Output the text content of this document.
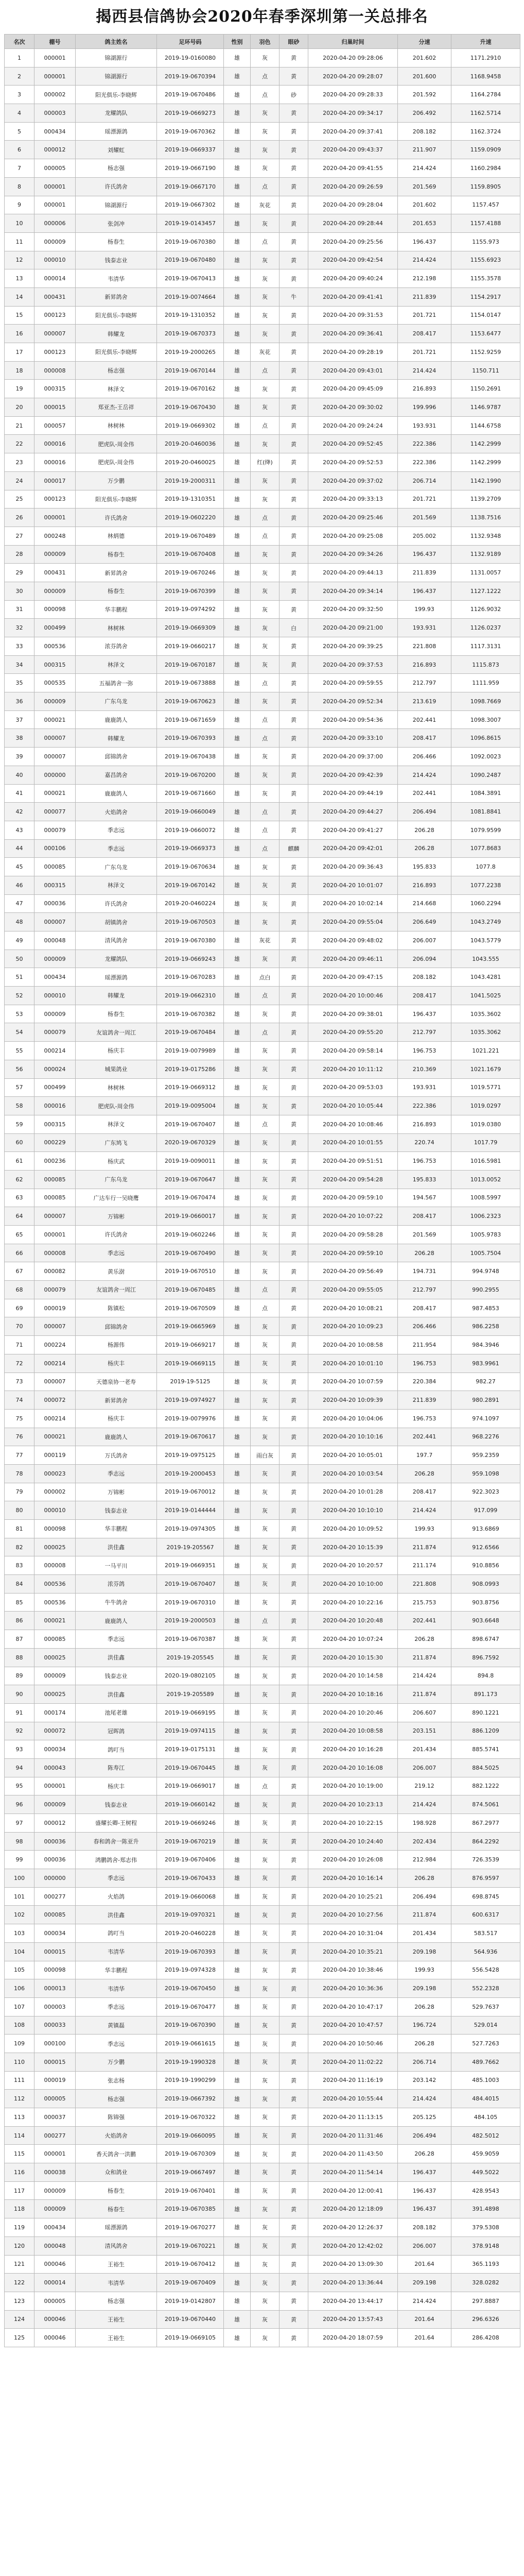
揭西县信鸽协会2020年春季深圳第一关总排名
名次	棚号	鸽主姓名	足环号码	性别	羽色	眼砂	归巢时间	分速	升速
1	000001	锦湖源行	2019-19-0160080	雄	灰	黄	2020-04-20 09:28:06	201.602	1171.2910
2	000001	锦湖源行	2019-19-0670394	雄	点	黄	2020-04-20 09:28:07	201.600	1168.9458
3	000002	阳光俱乐-李晓辉	2019-19-0670486	雄	点	砂	2020-04-20 09:28:33	201.592	1164.2784
4	000003	龙耀鸽队	2019-19-0669273	雄	灰	黄	2020-04-20 09:34:17	206.492	1162.5714
5	000434	瑶漂源鸽	2019-19-0670362	雄	灰	黄	2020-04-20 09:37:41	208.182	1162.3724
6	000012	刘耀虹	2019-19-0669337	雄	灰	黄	2020-04-20 09:43:37	211.907	1159.0909
7	000005	杨志强	2019-19-0667190	雄	灰	黄	2020-04-20 09:41:55	214.424	1160.2984
8	000001	许氏鸽舍	2019-19-0667170	雄	点	黄	2020-04-20 09:26:59	201.569	1159.8905
9	000001	锦湖源行	2019-19-0667302	雄	灰花	黄	2020-04-20 09:28:04	201.602	1157.457
10	000006	张剑冲	2019-19-0143457	雄	灰	黄	2020-04-20 09:28:44	201.653	1157.4188
11	000009	杨春生	2019-19-0670380	雄	点	黄	2020-04-20 09:25:56	196.437	1155.973
12	000010	钱泰志业	2019-19-0670480	雄	灰	黄	2020-04-20 09:42:54	214.424	1155.6923
13	000014	韦清华	2019-19-0670413	雄	灰	黄	2020-04-20 09:40:24	212.198	1155.3578
14	000431	新昇鸽舍	2019-19-0074664	雄	灰	牛	2020-04-20 09:41:41	211.839	1154.2917
15	000123	阳光俱乐-李晓辉	2019-19-1310352	雄	灰	黄	2020-04-20 09:31:53	201.721	1154.0147
16	000007	韩耀龙	2019-19-0670373	雄	灰	黄	2020-04-20 09:36:41	208.417	1153.6477
17	000123	阳光俱乐-李晓辉	2019-19-2000265	雄	灰花	黄	2020-04-20 09:28:19	201.721	1152.9259
18	000008	杨志强	2019-19-0670144	雄	点	黄	2020-04-20 09:43:01	214.424	1150.711
19	000315	林泽文	2019-19-0670162	雄	灰	黄	2020-04-20 09:45:09	216.893	1150.2691
20	000015	郑亚杰-王岳祥	2019-19-0670430	雄	灰	黄	2020-04-20 09:30:02	199.996	1146.9787
21	000057	林树林	2019-19-0669302	雄	点	黄	2020-04-20 09:24:24	193.931	1144.6758
22	000016	肥虎队-周金伟	2019-20-0460036	雄	灰	黄	2020-04-20 09:52:45	222.386	1142.2999
23	000016	肥虎队-周金伟	2019-20-0460025	雄	红(绛)	黄	2020-04-20 09:52:53	222.386	1142.2999
24	000017	万少鹏	2019-19-2000311	雄	灰	黄	2020-04-20 09:37:02	206.714	1142.1990
25	000123	阳光俱乐-李晓辉	2019-19-1310351	雄	灰	黄	2020-04-20 09:33:13	201.721	1139.2709
26	000001	许氏鸽舍	2019-19-0602220	雄	点	黄	2020-04-20 09:25:46	201.569	1138.7516
27	000248	林炳德	2019-19-0670489	雄	点	黄	2020-04-20 09:25:08	205.002	1132.9348
28	000009	杨春生	2019-19-0670408	雄	灰	黄	2020-04-20 09:34:26	196.437	1132.9189
29	000431	新昇鸽舍	2019-19-0670246	雄	灰	黄	2020-04-20 09:44:13	211.839	1131.0057
30	000009	杨春生	2019-19-0670399	雄	灰	黄	2020-04-20 09:34:14	196.437	1127.1222
31	000098	华丰鹏程	2019-19-0974292	雄	灰	黄	2020-04-20 09:32:50	199.93	1126.9032
32	000499	林树林	2019-19-0669309	雄	灰	白	2020-04-20 09:21:00	193.931	1126.0237
33	000536	浓芬鸽舍	2019-19-0660217	雄	灰	黄	2020-04-20 09:39:25	221.808	1117.3131
34	000315	林泽文	2019-19-0670187	雄	灰	黄	2020-04-20 09:37:53	216.893	1115.873
35	000535	五福鸽舍一弥	2019-19-0673888	雄	点	黄	2020-04-20 09:59:55	212.797	1111.959
36	000009	广东乌龙	2019-19-0670623	雄	灰	黄	2020-04-20 09:52:34	213.619	1098.7669
37	000021	鹿鹿鸽人	2019-19-0671659	雄	点	黄	2020-04-20 09:54:36	202.441	1098.3007
38	000007	韩耀龙	2019-19-0670393	雄	点	黄	2020-04-20 09:33:10	208.417	1096.8615
39	000007	邱锦鸽舍	2019-19-0670438	雄	灰	黄	2020-04-20 09:37:00	206.466	1092.0023
40	000000	嘉昌鸽舍	2019-19-0670200	雄	灰	黄	2020-04-20 09:42:39	214.424	1090.2487
41	000021	鹿鹿鸽人	2019-19-0671660	雄	灰	黄	2020-04-20 09:44:19	202.441	1084.3891
42	000077	火焰鸽舍	2019-19-0660049	雄	点	黄	2020-04-20 09:44:27	206.494	1081.8841
43	000079	季志远	2019-19-0660072	雄	点	黄	2020-04-20 09:41:27	206.28	1079.9599
44	000106	季志远	2019-19-0669373	雄	点	麒麟	2020-04-20 09:42:01	206.28	1077.8683
45	000085	广东乌龙	2019-19-0670634	雄	灰	黄	2020-04-20 09:36:43	195.833	1077.8
46	000315	林泽文	2019-19-0670142	雄	灰	黄	2020-04-20 10:01:07	216.893	1077.2238
47	000036	许氏鸽舍	2019-20-0460224	雄	灰	黄	2020-04-20 10:02:14	214.668	1060.2294
48	000007	胡镇鸽舍	2019-19-0670503	雄	灰	黄	2020-04-20 09:55:04	206.649	1043.2749
49	000048	清风鸽舍	2019-19-0670380	雄	灰花	黄	2020-04-20 09:48:02	206.007	1043.5779
50	000009	龙耀鸽队	2019-19-0669243	雄	灰	黄	2020-04-20 09:46:11	206.094	1043.555
51	000434	瑶漂源鸽	2019-19-0670283	雄	点白	黄	2020-04-20 09:47:15	208.182	1043.4281
52	000010	韩耀龙	2019-19-0662310	雄	点	黄	2020-04-20 10:00:46	208.417	1041.5025
53	000009	杨春生	2019-19-0670382	雄	灰	黄	2020-04-20 09:38:01	196.437	1035.3602
54	000079	友谊鸽舍一周江	2019-19-0670484	雄	点	黄	2020-04-20 09:55:20	212.797	1035.3062
55	000214	杨庆丰	2019-19-0079989	雄	灰	黄	2020-04-20 09:58:14	196.753	1021.221
56	000024	城果鸽业	2019-19-0175286	雄	灰	黄	2020-04-20 10:11:12	210.369	1021.1679
57	000499	林树林	2019-19-0669312	雄	灰	黄	2020-04-20 09:53:03	193.931	1019.5771
58	000016	肥虎队-周金伟	2019-19-0095004	雄	灰	黄	2020-04-20 10:05:44	222.386	1019.0297
59	000315	林泽文	2019-19-0670407	雄	点	黄	2020-04-20 10:08:46	216.893	1019.0380
60	000229	广东鸠飞	2020-19-0670329	雄	灰	黄	2020-04-20 10:01:55	220.74	1017.79
61	000236	杨庆武	2019-19-0090011	雄	灰	黄	2020-04-20 09:51:51	196.753	1016.5981
62	000085	广东乌龙	2019-19-0670647	雄	灰	黄	2020-04-20 09:54:28	195.833	1013.0052
63	000085	广达车行一吴晓鹰	2019-19-0670474	雄	灰	黄	2020-04-20 09:59:10	194.567	1008.5997
64	000007	万锦彬	2019-19-0660017	雄	灰	黄	2020-04-20 10:07:22	208.417	1006.2323
65	000001	许氏鸽舍	2019-19-0602246	雄	灰	黄	2020-04-20 09:58:28	201.569	1005.9783
66	000008	季志远	2019-19-0670490	雄	灰	黄	2020-04-20 09:59:10	206.28	1005.7504
67	000082	黄乐澍	2019-19-0670510	雄	灰	黄	2020-04-20 09:56:49	194.731	994.9748
68	000079	友谊鸽舍一周江	2019-19-0670485	雄	点	黄	2020-04-20 09:55:05	212.797	990.2955
69	000019	陈镇松	2019-19-0670509	雄	点	黄	2020-04-20 10:08:21	208.417	987.4853
70	000007	邱锦鸽舍	2019-19-0665969	雄	灰	黄	2020-04-20 10:09:23	206.466	986.2258
71	000224	杨源伟	2019-19-0669217	雄	灰	黄	2020-04-20 10:08:58	211.954	984.3946
72	000214	杨庆丰	2019-19-0669115	雄	灰	黄	2020-04-20 10:01:10	196.753	983.9961
73	000007	天德泉协一老寿	2019-19-5125	雄	灰	黄	2020-04-20 10:07:59	220.384	982.27
74	000072	新昇鸽舍	2019-19-0974927	雄	灰	黄	2020-04-20 10:09:39	211.839	980.2891
75	000214	杨庆丰	2019-19-0079976	雄	灰	黄	2020-04-20 10:04:06	196.753	974.1097
76	000021	鹿鹿鸽人	2019-19-0670617	雄	灰	黄	2020-04-20 10:10:16	202.441	968.2276
77	000119	万氏鸽舍	2019-19-0975125	雄	雨白灰	黄	2020-04-20 10:05:01	197.7	959.2359
78	000023	季志远	2019-19-2000453	雄	灰	黄	2020-04-20 10:03:54	206.28	959.1098
79	000002	万锦彬	2019-19-0670012	雄	灰	黄	2020-04-20 10:01:28	208.417	922.3023
80	000010	钱泰志业	2019-19-0144444	雄	灰	黄	2020-04-20 10:10:10	214.424	917.099
81	000098	华丰鹏程	2019-19-0974305	雄	灰	黄	2020-04-20 10:09:52	199.93	913.6869
82	000025	洪佳鑫	2019-19-205567	雄	灰	黄	2020-04-20 10:15:39	211.874	912.6566
83	000008	一马平川	2019-19-0669351	雄	灰	黄	2020-04-20 10:20:57	211.174	910.8856
84	000536	浓芬鸽	2019-19-0670407	雄	灰	黄	2020-04-20 10:10:00	221.808	908.0993
85	000536	牛牛鸽舍	2019-19-0670310	雄	灰	黄	2020-04-20 10:22:16	215.753	903.8756
86	000021	鹿鹿鸽人	2019-19-2000503	雄	点	黄	2020-04-20 10:20:48	202.441	903.6648
87	000085	季志远	2019-19-0670387	雄	灰	黄	2020-04-20 10:07:24	206.28	898.6747
88	000025	洪佳鑫	2019-19-205545	雄	灰	黄	2020-04-20 10:15:30	211.874	896.7592
89	000009	钱泰志业	2020-19-0802105	雄	灰	黄	2020-04-20 10:14:58	214.424	894.8
90	000025	洪佳鑫	2019-19-205589	雄	灰	黄	2020-04-20 10:18:16	211.874	891.173
91	000174	池尾老雄	2019-19-0669195	雄	灰	黄	2020-04-20 10:20:46	206.607	890.1221
92	000072	冠晖鸽	2019-19-0974115	雄	灰	黄	2020-04-20 10:08:58	203.151	886.1209
93	000034	鸽叮当	2019-19-0175131	雄	灰	黄	2020-04-20 10:16:28	201.434	885.5741
94	000043	陈寿江	2019-19-0670445	雄	灰	黄	2020-04-20 10:16:08	206.007	884.5025
95	000001	杨庆丰	2019-19-0669017	雄	点	黄	2020-04-20 10:19:00	219.12	882.1222
96	000009	钱泰志业	2019-19-0660142	雄	灰	黄	2020-04-20 10:23:13	214.424	874.5061
97	000012	盛耀长卿-王树程	2019-19-0669246	雄	灰	黄	2020-04-20 10:22:15	198.928	867.2977
98	000036	春和鸽舍一陈亚升	2019-19-0670219	雄	灰	黄	2020-04-20 10:24:40	202.434	864.2292
99	000036	鸿鹏鸽舍-郑志伟	2019-19-0670406	雄	灰	黄	2020-04-20 10:26:08	212.984	726.3539
100	000000	季志远	2019-19-0670433	雄	灰	黄	2020-04-20 10:16:14	206.28	876.9597
101	000277	火焰鸽	2019-19-0660068	雄	灰	黄	2020-04-20 10:25:21	206.494	698.8745
102	000085	洪佳鑫	2019-19-0970321	雄	灰	黄	2020-04-20 10:27:56	211.874	600.6317
103	000034	鸽叮当	2019-20-0460228	雄	灰	黄	2020-04-20 10:31:04	201.434	583.517
104	000015	韦清华	2019-19-0670393	雄	灰	黄	2020-04-20 10:35:21	209.198	564.936
105	000098	华丰鹏程	2019-19-0974328	雄	灰	黄	2020-04-20 10:38:46	199.93	556.5428
106	000013	韦清华	2019-19-0670450	雄	灰	黄	2020-04-20 10:36:36	209.198	552.2328
107	000003	季志远	2019-19-0670477	雄	灰	黄	2020-04-20 10:47:17	206.28	529.7637
108	000033	黄镇磊	2019-19-0670390	雄	灰	黄	2020-04-20 10:47:57	196.724	529.014
109	000100	季志远	2019-19-0661615	雄	灰	黄	2020-04-20 10:50:46	206.28	527.7263
110	000015	万少鹏	2019-19-1990328	雄	灰	黄	2020-04-20 11:02:22	206.714	489.7662
111	000019	张志杨	2019-19-1990299	雄	灰	黄	2020-04-20 11:16:19	203.142	485.1003
112	000005	杨志强	2019-19-0667392	雄	灰	黄	2020-04-20 10:55:44	214.424	484.4015
113	000037	陈锦强	2019-19-0670322	雄	灰	黄	2020-04-20 11:13:15	205.125	484.105
114	000277	火焰鸽舍	2019-19-0660095	雄	灰	黄	2020-04-20 11:31:46	206.494	482.5012
115	000001	香天鸽舍一洪鹏	2019-19-0670309	雄	灰	黄	2020-04-20 11:43:50	206.28	459.9059
116	000038	众和鸽业	2019-19-0667497	雄	灰	黄	2020-04-20 11:54:14	196.437	449.5022
117	000009	杨春生	2019-19-0670401	雄	灰	黄	2020-04-20 12:00:41	196.437	428.9543
118	000009	杨春生	2019-19-0670385	雄	灰	黄	2020-04-20 12:18:09	196.437	391.4898
119	000434	瑶漂源鸽	2019-19-0670277	雄	灰	黄	2020-04-20 12:26:37	208.182	379.5308
120	000048	清风鸽舍	2019-19-0670221	雄	灰	黄	2020-04-20 12:42:02	206.007	378.9148
121	000046	王裕生	2019-19-0670412	雄	灰	黄	2020-04-20 13:09:30	201.64	365.1193
122	000014	韦清华	2019-19-0670409	雄	灰	黄	2020-04-20 13:36:44	209.198	328.0282
123	000005	杨志强	2019-19-0142807	雄	灰	黄	2020-04-20 13:44:17	214.424	297.8887
124	000046	王裕生	2019-19-0670440	雄	灰	黄	2020-04-20 13:57:43	201.64	296.6326
125	000046	王裕生	2019-19-0669105	雄	灰	黄	2020-04-20 18:07:59	201.64	286.4208
